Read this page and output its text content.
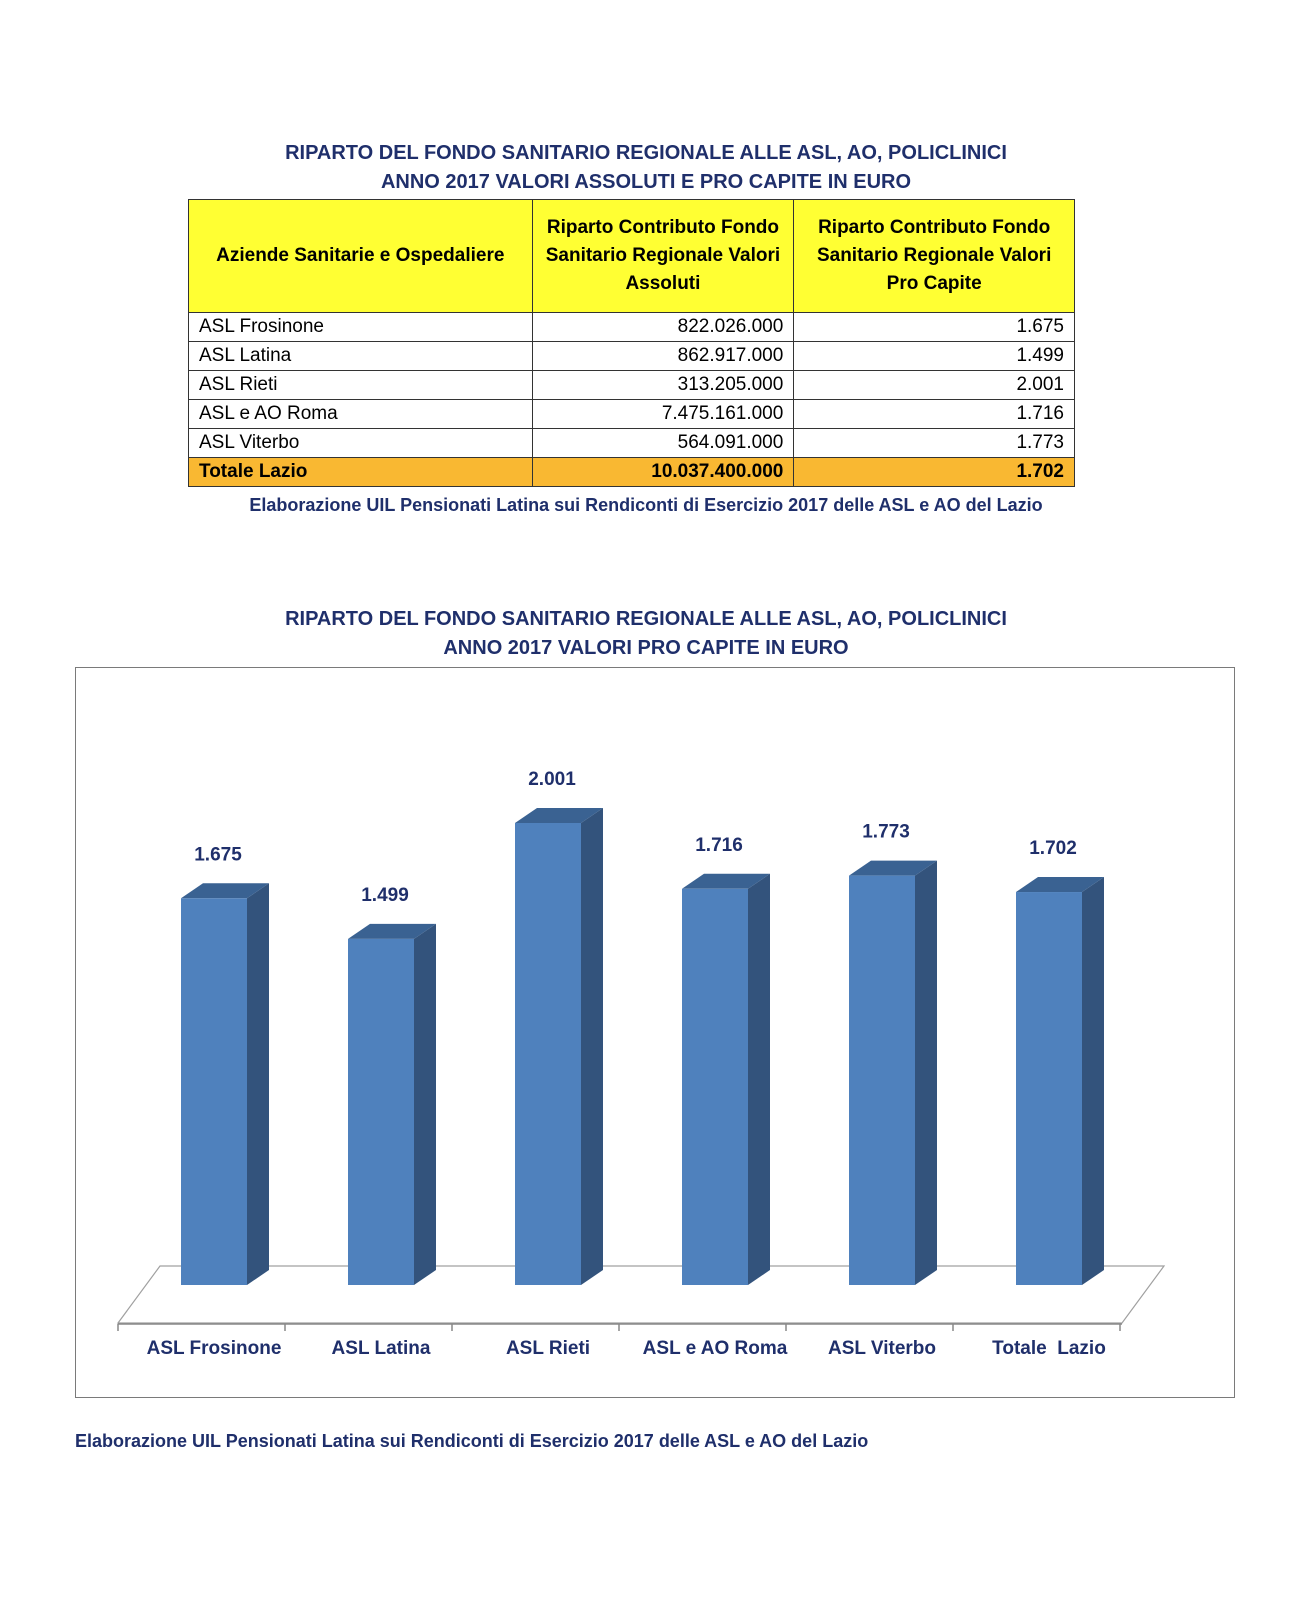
RIPARTO DEL FONDO SANITARIO REGIONALE ALLE ASL, AO, POLICLINICI
ANNO 2017 VALORI ASSOLUTI E PRO CAPITE IN EURO
Aziende Sanitarie e Ospedaliere	Riparto Contributo Fondo Sanitario Regionale Valori Assoluti	Riparto Contributo Fondo Sanitario Regionale Valori Pro Capite
ASL Frosinone	822.026.000	1.675
ASL Latina	862.917.000	1.499
ASL Rieti	313.205.000	2.001
ASL e AO Roma	7.475.161.000	1.716
ASL Viterbo	564.091.000	1.773
Totale Lazio	10.037.400.000	1.702
Elaborazione UIL Pensionati Latina sui Rendiconti di Esercizio 2017 delle ASL e AO del Lazio
RIPARTO DEL FONDO SANITARIO REGIONALE ALLE ASL, AO, POLICLINICI
ANNO 2017 VALORI PRO CAPITE IN EURO
1.675
ASL Frosinone
1.499
ASL Latina
2.001
ASL Rieti
1.716
ASL e AO Roma
1.773
ASL Viterbo
1.702
Totale  Lazio
Elaborazione UIL Pensionati Latina sui Rendiconti di Esercizio 2017 delle ASL e AO del Lazio
